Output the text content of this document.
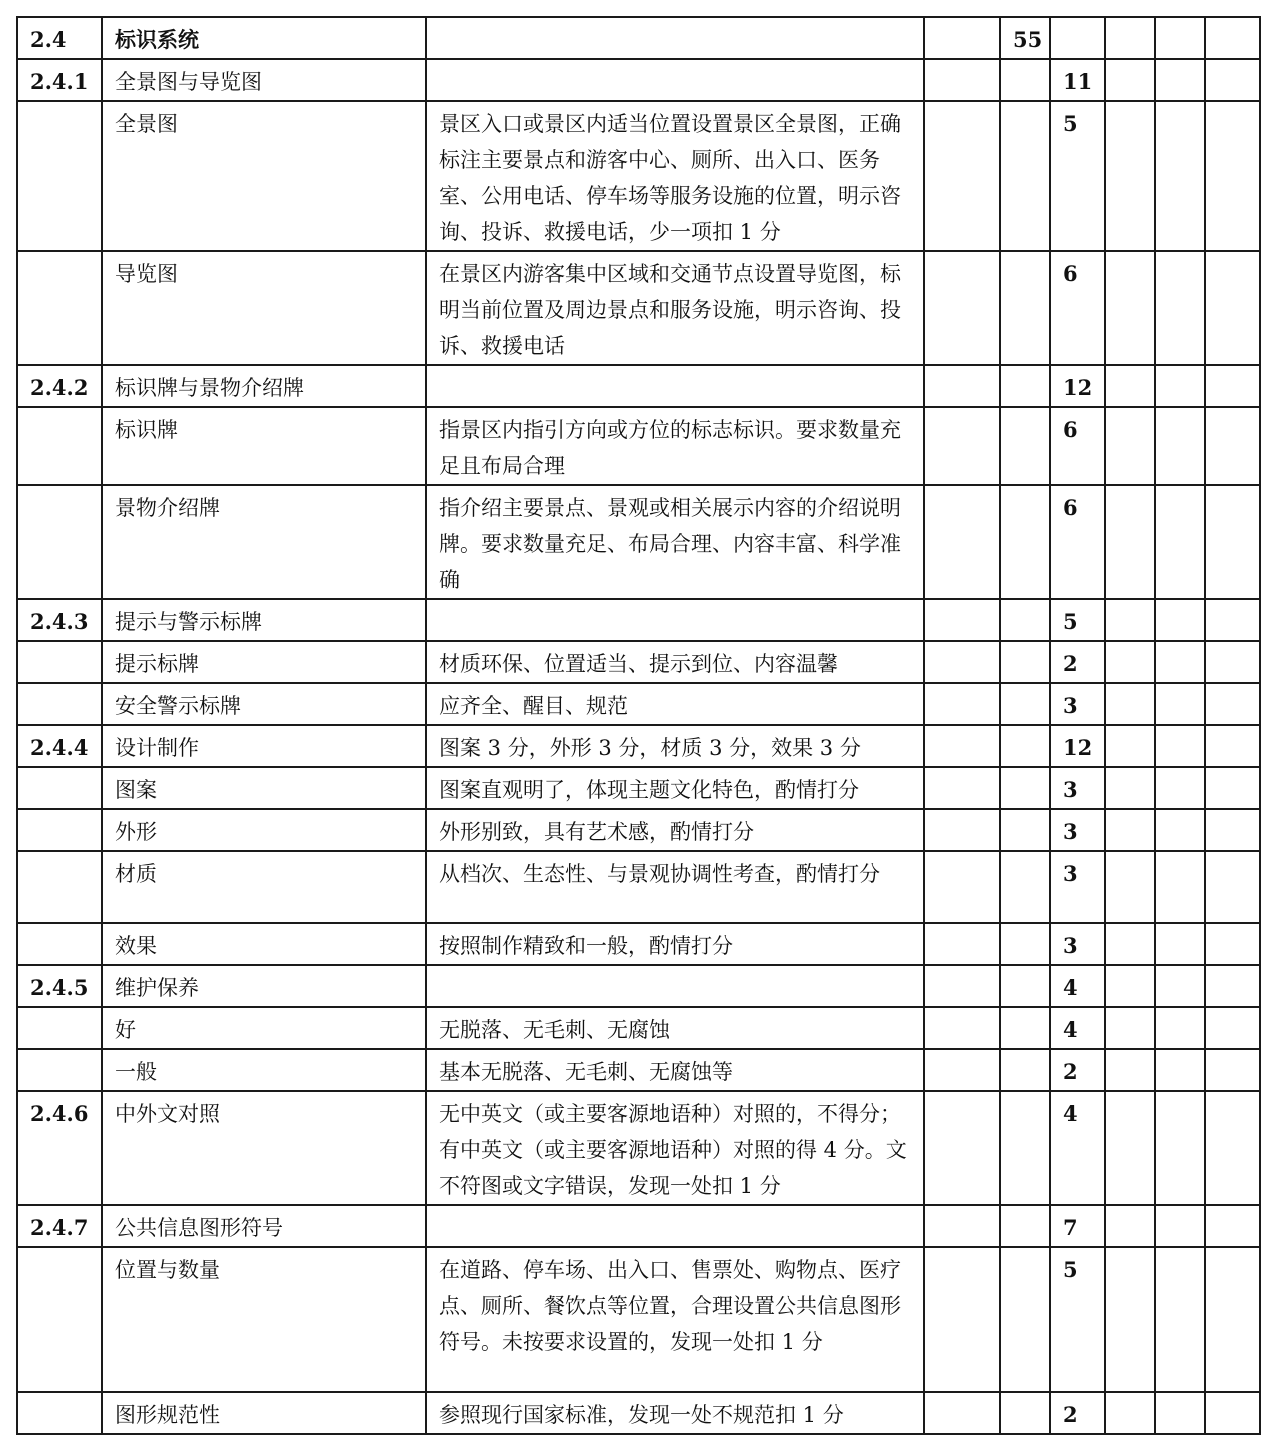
2.4	标识系统			55				
2.4.1	全景图与导览图				11			
	全景图	景区入口或景区内适当位置设置景区全景图，正确标注主要景点和游客中心、厕所、出入口、医务室、公用电话、停车场等服务设施的位置，明示咨询、投诉、救援电话，少一项扣 1 分			5			
	导览图	在景区内游客集中区域和交通节点设置导览图，标明当前位置及周边景点和服务设施，明示咨询、投诉、救援电话			6			
2.4.2	标识牌与景物介绍牌				12			
	标识牌	指景区内指引方向或方位的标志标识。要求数量充足且布局合理			6			
	景物介绍牌	指介绍主要景点、景观或相关展示内容的介绍说明牌。要求数量充足、布局合理、内容丰富、科学准确			6			
2.4.3	提示与警示标牌				5			
	提示标牌	材质环保、位置适当、提示到位、内容温馨			2			
	安全警示标牌	应齐全、醒目、规范			3			
2.4.4	设计制作	图案 3 分，外形 3 分，材质 3 分，效果 3 分			12			
	图案	图案直观明了，体现主题文化特色，酌情打分			3			
	外形	外形别致，具有艺术感，酌情打分			3			
	材质	从档次、生态性、与景观协调性考查，酌情打分			3			
	效果	按照制作精致和一般，酌情打分			3			
2.4.5	维护保养				4			
	好	无脱落、无毛刺、无腐蚀			4			
	一般	基本无脱落、无毛刺、无腐蚀等			2			
2.4.6	中外文对照	无中英文（或主要客源地语种）对照的，不得分；有中英文（或主要客源地语种）对照的得 4 分。文不符图或文字错误，发现一处扣 1 分			4			
2.4.7	公共信息图形符号				7			
	位置与数量	在道路、停车场、出入口、售票处、购物点、医疗点、厕所、餐饮点等位置，合理设置公共信息图形符号。未按要求设置的，发现一处扣 1 分			5			
	图形规范性	参照现行国家标准，发现一处不规范扣 1 分			2			
